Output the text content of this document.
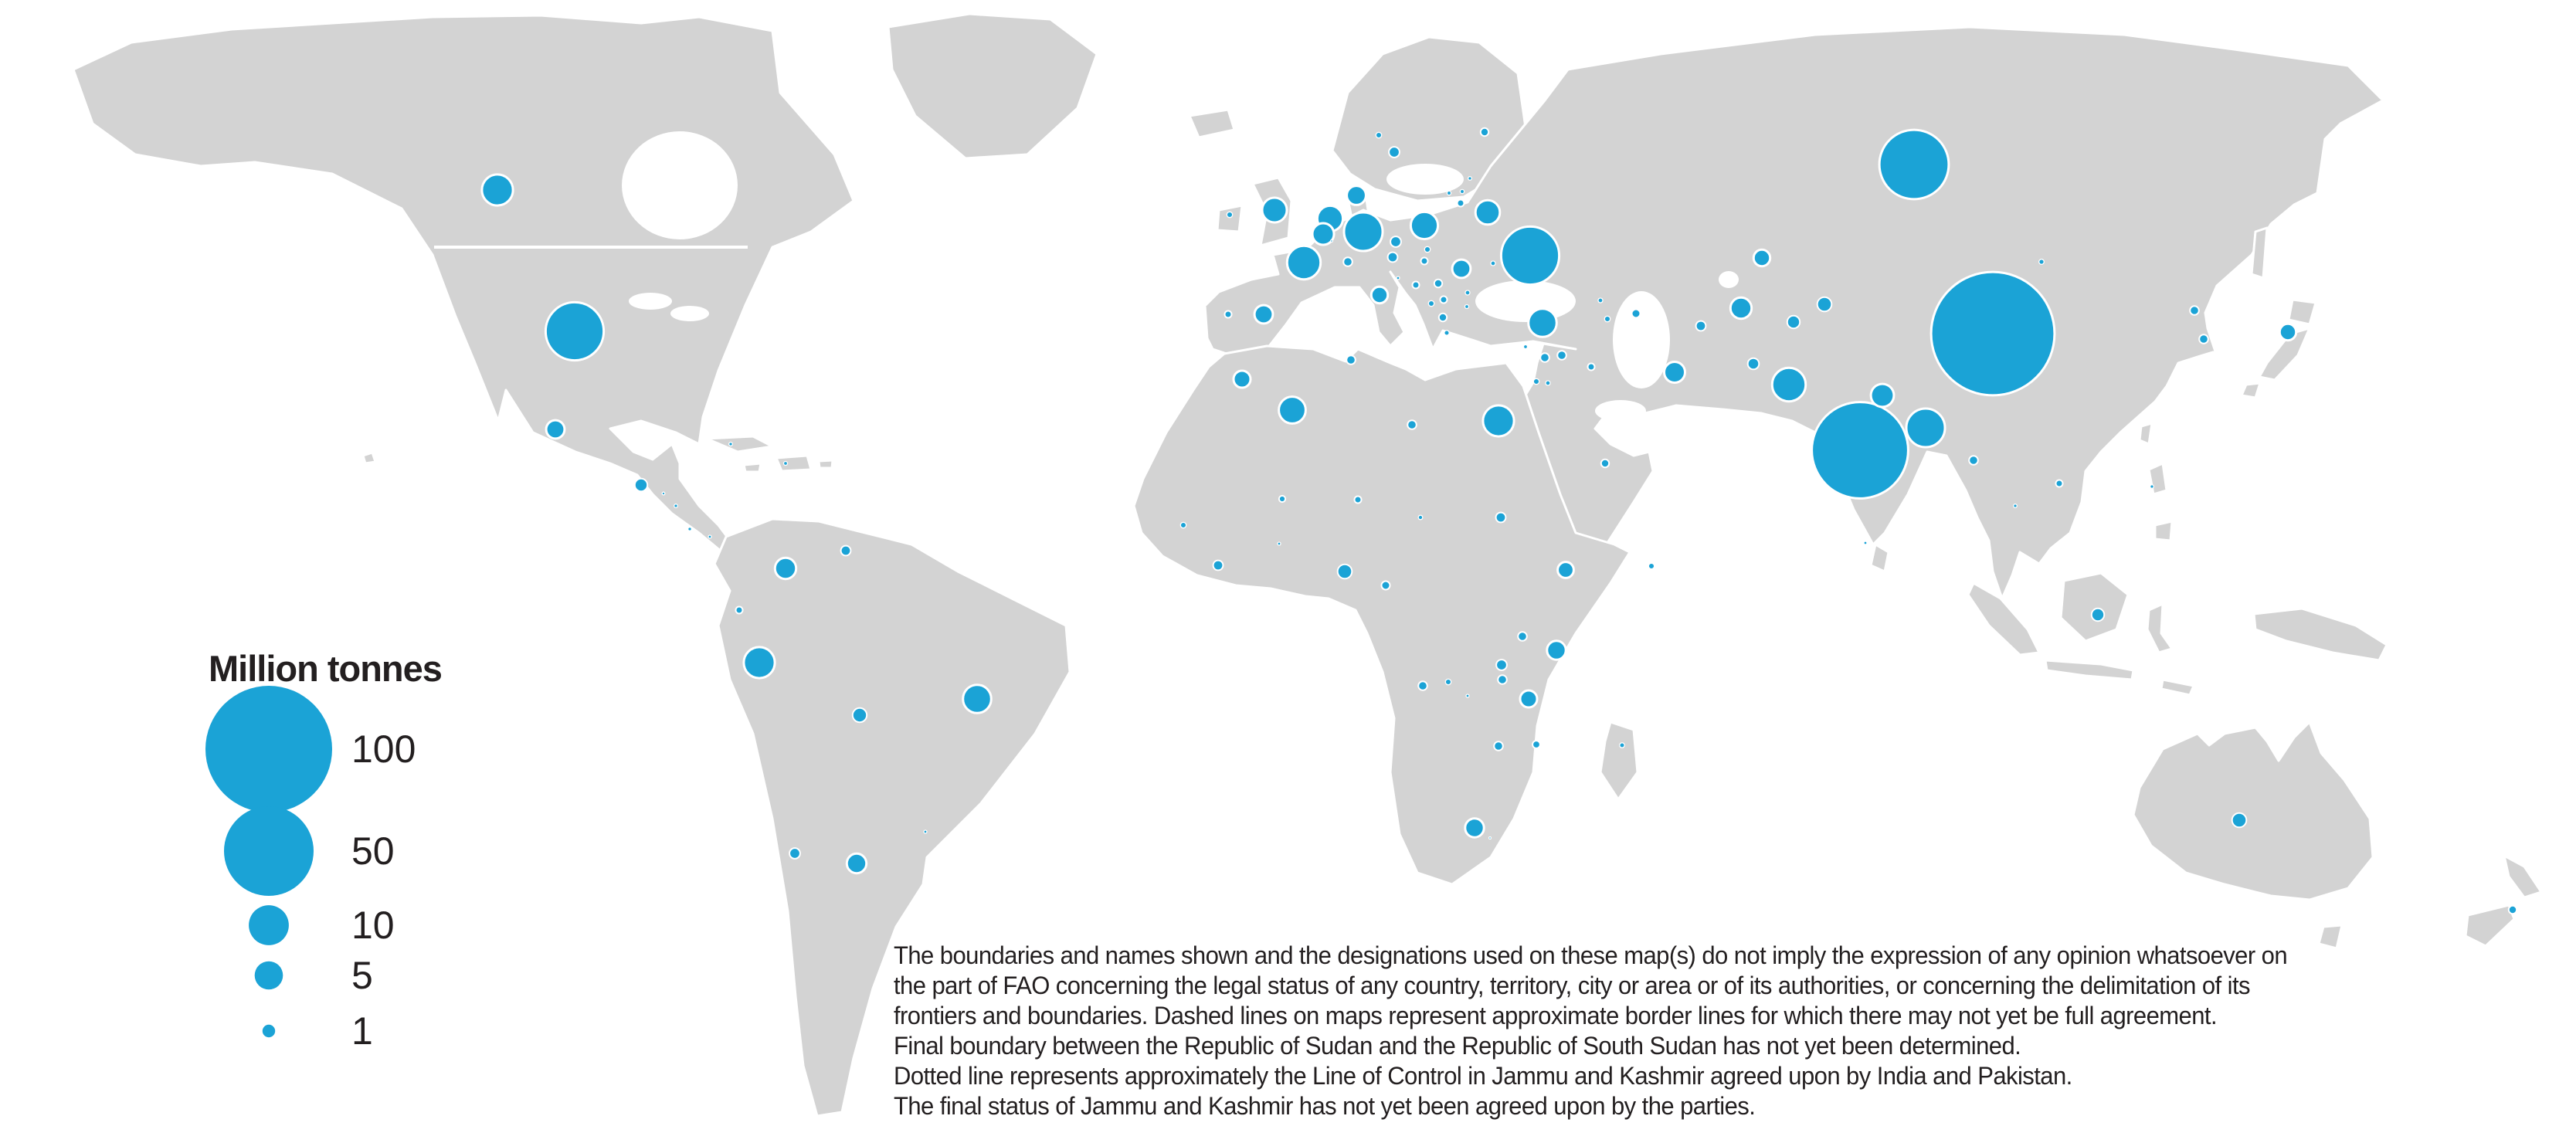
100
50
10
5
1
Million tonnes
The boundaries and names shown and the designations used on these map(s) do not imply the expression of any opinion whatsoever on
the part of FAO concerning the legal status of any country, territory, city or area or of its authorities, or concerning the delimitation of its
frontiers and boundaries. Dashed lines on maps represent approximate border lines for which there may not yet be full agreement.
Final boundary between the Republic of Sudan and the Republic of South Sudan has not yet been determined.
Dotted line represents approximately the Line of Control in Jammu and Kashmir agreed upon by India and Pakistan.
The final status of Jammu and Kashmir has not yet been agreed upon by the parties.
